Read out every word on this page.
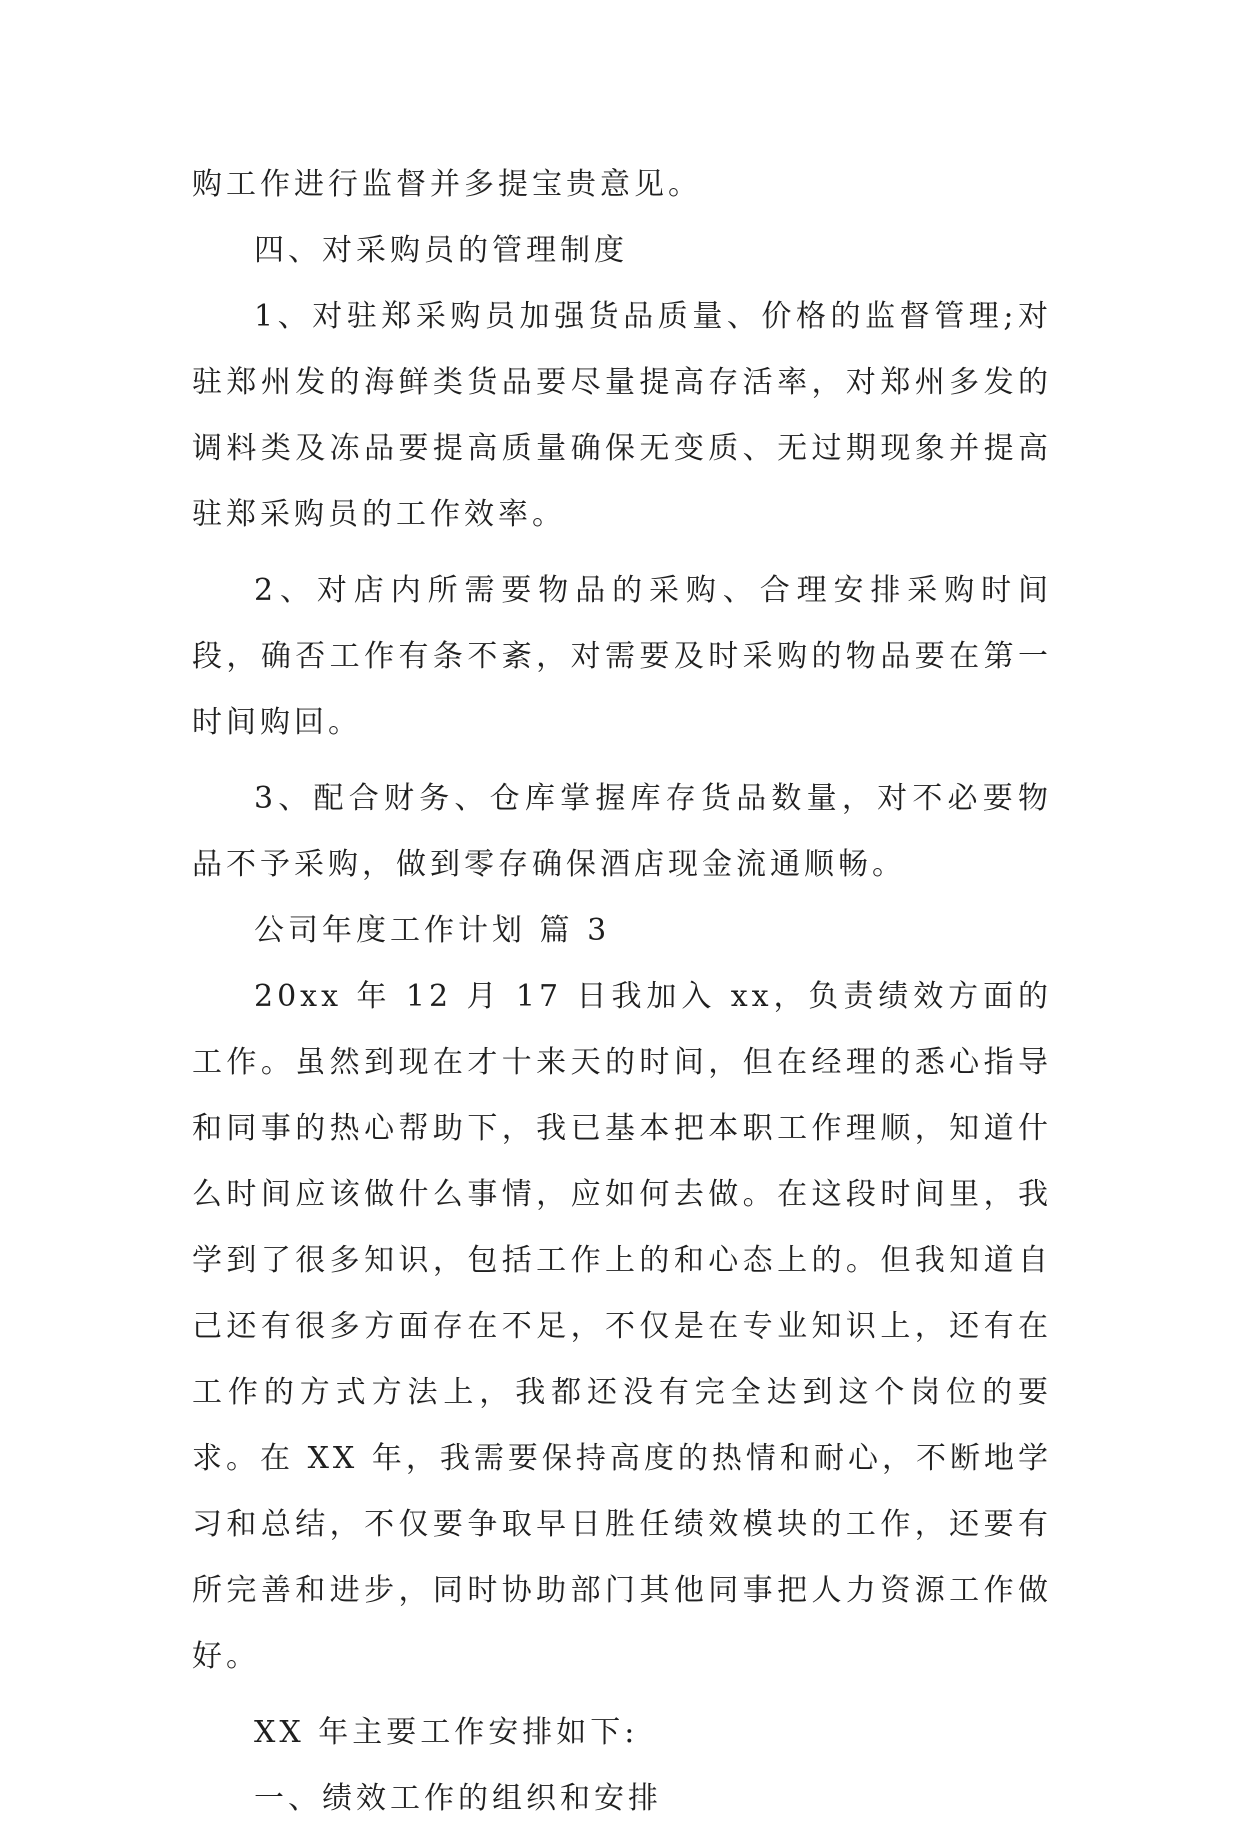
购工作进行监督并多提宝贵意见。

四、对采购员的管理制度

1、对驻郑采购员加强货品质量、价格的监督管理;对驻郑州发的海鲜类货品要尽量提高存活率，对郑州多发的调料类及冻品要提高质量确保无变质、无过期现象并提高驻郑采购员的工作效率。

2、对店内所需要物品的采购、合理安排采购时间段，确否工作有条不紊，对需要及时采购的物品要在第一时间购回。

3、配合财务、仓库掌握库存货品数量，对不必要物品不予采购，做到零存确保酒店现金流通顺畅。

公司年度工作计划 篇 3

20xx 年 12 月 17 日我加入 xx，负责绩效方面的工作。虽然到现在才十来天的时间，但在经理的悉心指导和同事的热心帮助下，我已基本把本职工作理顺，知道什么时间应该做什么事情，应如何去做。在这段时间里，我学到了很多知识，包括工作上的和心态上的。但我知道自己还有很多方面存在不足，不仅是在专业知识上，还有在工作的方式方法上，我都还没有完全达到这个岗位的要求。在 XX 年，我需要保持高度的热情和耐心，不断地学习和总结，不仅要争取早日胜任绩效模块的工作，还要有所完善和进步，同时协助部门其他同事把人力资源工作做好。

XX 年主要工作安排如下:

一、绩效工作的组织和安排
